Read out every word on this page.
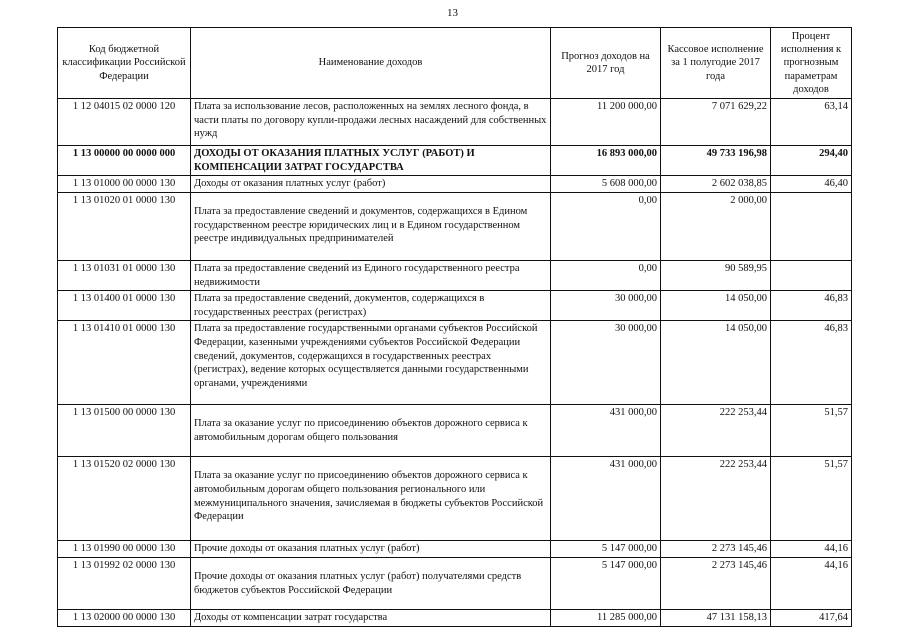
13
Код бюджетной классификации Российской Федерации	Наименование доходов	Прогноз доходов на 2017 год	Кассовое исполнение за 1 полугодие 2017 года	Процент исполнения к прогнозным параметрам доходов
1 12 04015 02 0000 120	Плата за использование лесов, расположенных на землях лесного фонда, в части платы по договору купли-продажи лесных насаждений для собственных нужд	11 200 000,00	7 071 629,22	63,14
1 13 00000 00 0000 000	ДОХОДЫ ОТ ОКАЗАНИЯ ПЛАТНЫХ УСЛУГ (РАБОТ) И КОМПЕНСАЦИИ ЗАТРАТ ГОСУДАРСТВА	16 893 000,00	49 733 196,98	294,40
1 13 01000 00 0000 130	Доходы от оказания платных услуг (работ)	5 608 000,00	2 602 038,85	46,40
1 13 01020 01 0000 130	Плата за предоставление сведений и документов, содержащихся в Едином государственном реестре юридических лиц и в Едином государственном реестре индивидуальных предпринимателей	0,00	2 000,00	
1 13 01031 01 0000 130	Плата за предоставление сведений из Единого государственного реестра недвижимости	0,00	90 589,95	
1 13 01400 01 0000 130	Плата за предоставление сведений, документов, содержащихся в государственных реестрах (регистрах)	30 000,00	14 050,00	46,83
1 13 01410 01 0000 130	Плата за предоставление государственными органами субъектов Российской Федерации, казенными учреждениями субъектов Российской Федерации сведений, документов, содержащихся в государственных реестрах (регистрах), ведение которых осуществляется данными государственными органами, учреждениями	30 000,00	14 050,00	46,83
1 13 01500 00 0000 130	Плата за оказание услуг по присоединению объектов дорожного сервиса к автомобильным дорогам общего пользования	431 000,00	222 253,44	51,57
1 13 01520 02 0000 130	Плата за оказание услуг по присоединению объектов дорожного сервиса к автомобильным дорогам общего пользования регионального или межмуниципального значения, зачисляемая в бюджеты субъектов Российской Федерации	431 000,00	222 253,44	51,57
1 13 01990 00 0000 130	Прочие доходы от оказания платных услуг (работ)	5 147 000,00	2 273 145,46	44,16
1 13 01992 02 0000 130	Прочие доходы от оказания платных услуг (работ) получателями средств бюджетов субъектов Российской Федерации	5 147 000,00	2 273 145,46	44,16
1 13 02000 00 0000 130	Доходы от компенсации затрат государства	11 285 000,00	47 131 158,13	417,64
